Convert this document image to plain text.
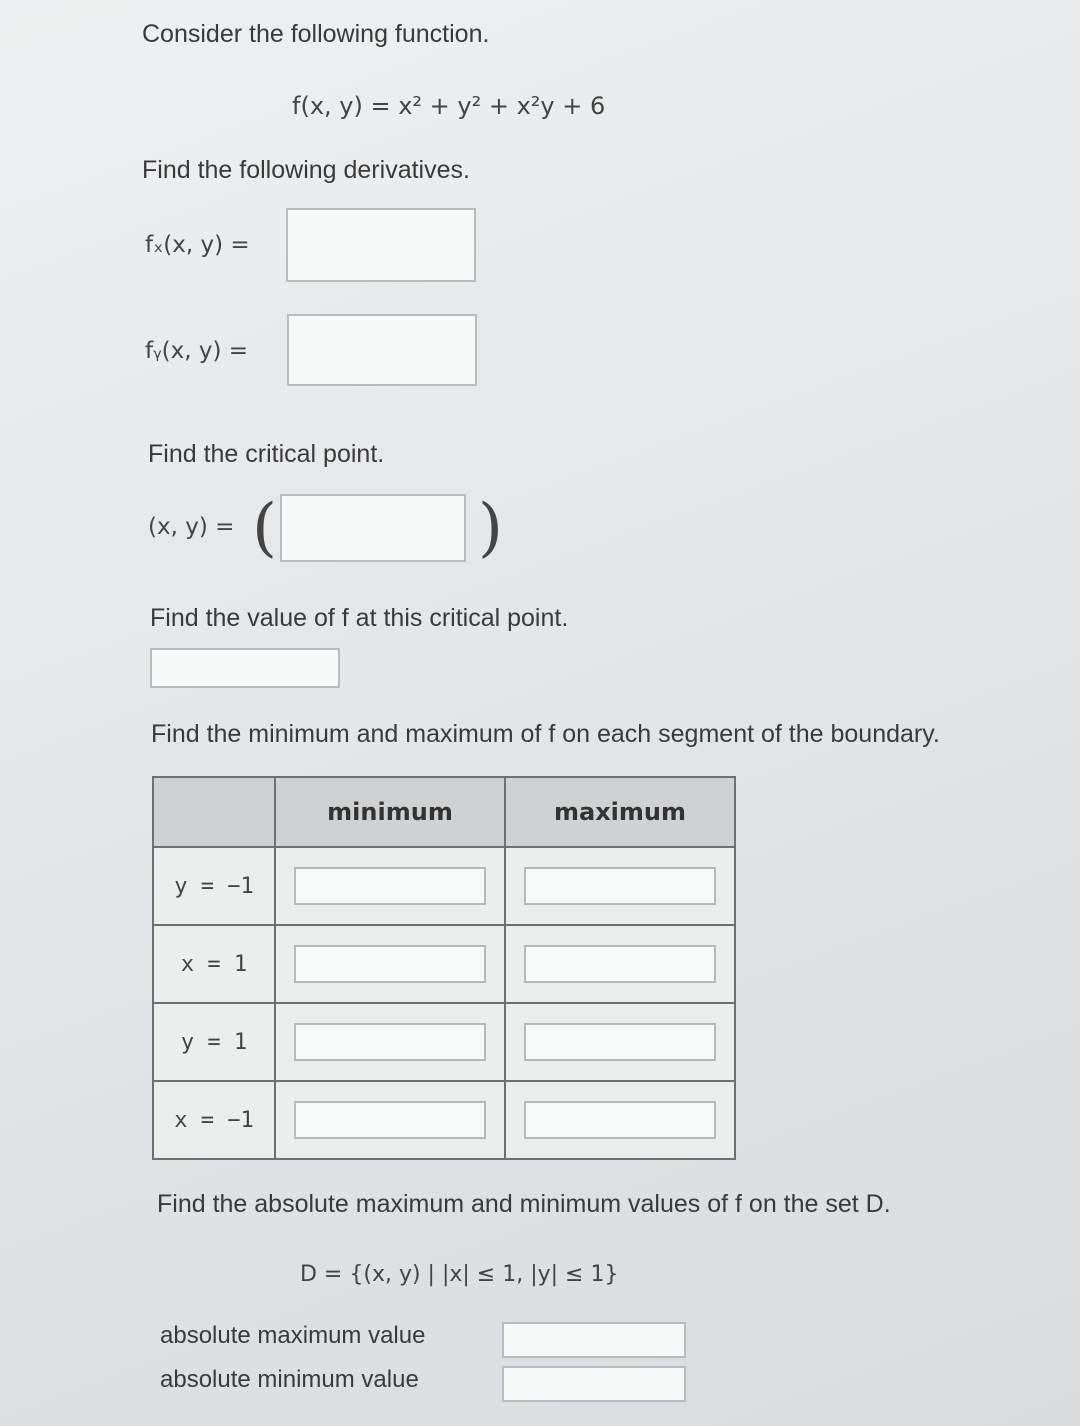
Consider the following function.
f(x, y) = x² + y² + x²y + 6
Find the following derivatives.
fₓ(x, y) =
fᵧ(x, y) =
Find the critical point.
(x, y) = (	)
Find the value of f at this critical point.
Find the minimum and maximum of f on each segment of the boundary.
	minimum	maximum
y = −1	

x = 1	

y = 1	

x = −1	

Find the absolute maximum and minimum values of f on the set D.
D = {(x, y) | |x| ≤ 1, |y| ≤ 1}
absolute maximum value
absolute minimum value
